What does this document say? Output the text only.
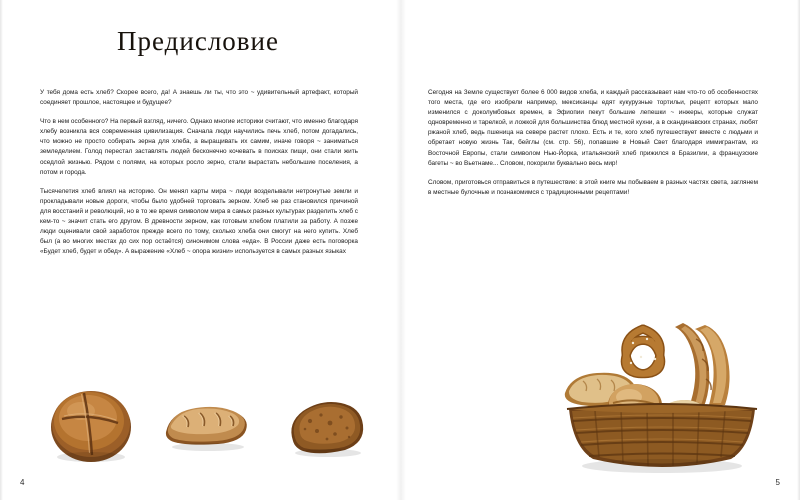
Предисловие

У тебя дома есть хлеб? Скорее всего, да! А знаешь ли ты, что это ~ удивительный артефакт, который соединяет прошлое, настоящее и будущее?

Что в нем особенного? На первый взгляд, ничего. Однако многие историки считают, что именно благодаря хлебу возникла вся современная цивилизация. Сначала люди научились печь хлеб, потом догадались, что можно не просто собирать зерна для хлеба, а выращивать их самим, иначе говоря ~ заниматься земледелием. Голод перестал заставлять людей бесконечно кочевать в поисках пищи, они стали жить оседлой жизнью. Рядом с полями, на которых росло зерно, стали вырастать небольшие поселения, а потом и города.

Тысячелетия хлеб влиял на историю. Он менял карты мира ~ люди возделывали нетронутые земли и прокладывали новые дороги, чтобы было удобней торговать зерном. Хлеб не раз становился причиной для восстаний и революций, но в то же время символом мира в самых разных культурах разделить хлеб с кем-то ~ значит стать его другом. В древности зерном, как готовым хлебом платили за работу. А позже люди оценивали свой заработок прежде всего по тому, сколько хлеба они смогут на него купить. Хлеб был (а во многих местах до сих пор остаётся) синонимом слова «еда». В России даже есть поговорка «Будет хлеб, будет и обед». А выражение «Хлеб ~ опора жизни» используется в самых разных языках

4

Сегодня на Земле существует более 6 000 видов хлеба, и каждый рассказывает нам что-то об особенностях того места, где его изобрели например, мексиканцы едят кукурузные тортильи, рецепт которых мало изменился с доколумбовых времен, в Эфиопии пекут большие лепешки ~ инжеры, которые служат одновременно и тарелкой, и ложкой для большинства блюд местной кухни, а в скандинавских странах, любят ржаной хлеб, ведь пшеница на севере растет плохо. Есть и те, кого хлеб путешествует вместе с людьми и обретает новую жизнь Так, бейглы (см. стр. 56), попавшие в Новый Свет благодаря иммигрантам, из Восточной Европы, стали символом Нью-Йорка, итальянский хлеб прижился в Бразилии, а французские багеты ~ во Вьетнаме... Словом, покорили буквально весь мир!

Словом, приготовься отправиться в путешествие: в этой книге мы побываем в разных частях света, заглянем в местные булочные и познакомимся с традиционными рецептами!

5
